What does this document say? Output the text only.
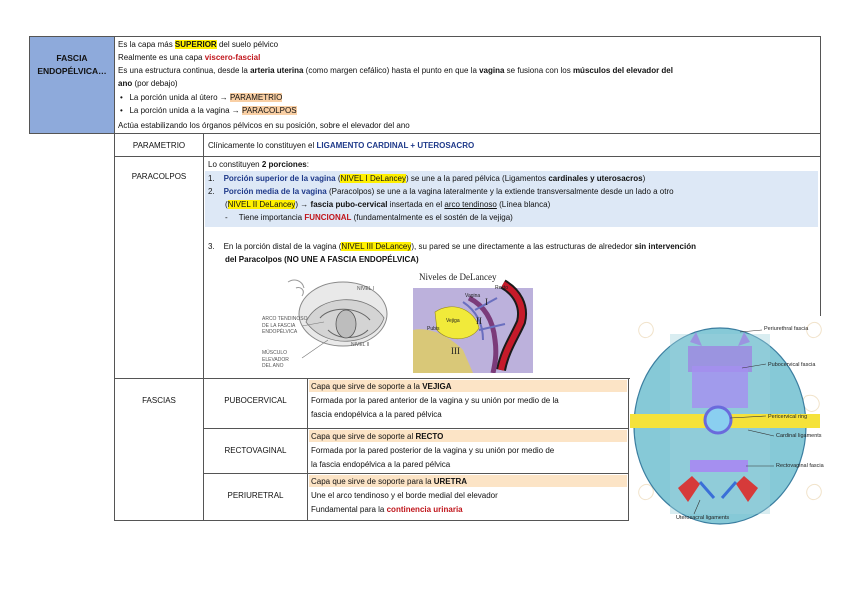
FASCIA ENDOPÉLVICA…
Es la capa más SUPERIOR del suelo pélvico
Realmente es una capa viscero-fascial
Es una estructura continua, desde la arteria uterina (como margen cefálico) hasta el punto en que la vagina se fusiona con los músculos del elevador del
ano (por debajo)
• La porción unida al útero → PARAMETRIO
• La porción unida a la vagina → PARACOLPOS
Actúa estabilizando los órganos pélvicos en su posición, sobre el elevador del ano
PARAMETRIO	Clínicamente lo constituyen el LIGAMENTO CARDINAL + UTEROSACRO
PARACOLPOS
Lo constituyen 2 porciones:
1. Porción superior de la vagina (NIVEL I DeLancey) se une a la pared pélvica (Ligamentos cardinales y uterosacros)
2. Porción media de la vagina (Paracolpos) se une a la vagina lateralmente y la extiende transversalmente desde un lado a otro
(NIVEL II DeLancey) → fascia pubo-cervical insertada en el arco tendinoso (Línea blanca)
- Tiene importancia FUNCIONAL (fundamentalmente es el sostén de la vejiga)
3. En la porción distal de la vagina (NIVEL III DeLancey), su pared se une directamente a las estructuras de alrededor sin intervención
del Paracolpos (NO UNE A FASCIA ENDOPÉLVICA)
ARCO TENDINOSO
DE LA FASCIA
ENDOPÉLVICA
NIVEL II
MÚSCULO
ELEVADOR
DEL ANO
NIVEL I
Niveles de DeLancey
Recto
Vagina
I
Vejiga II
Pubis
III
FASCIAS	PUBOCERVICAL
Capa que sirve de soporte a la VEJIGA
Formada por la pared anterior de la vagina y su unión por medio de la
fascia endopélvica a la pared pélvica
RECTOVAGINAL
Capa que sirve de soporte al RECTO
Formada por la pared posterior de la vagina y su unión por medio de
la fascia endopélvica a la pared pélvica
PERIURETRAL
Capa que sirve de soporte para la URETRA
Une el arco tendinoso y el borde medial del elevador
Fundamental para la continencia urinaria
Periurethral fascia
Pubocervical fascia
Pericervical ring
Cardinal ligaments
Rectovaginal fascia
Uterosacral ligaments
